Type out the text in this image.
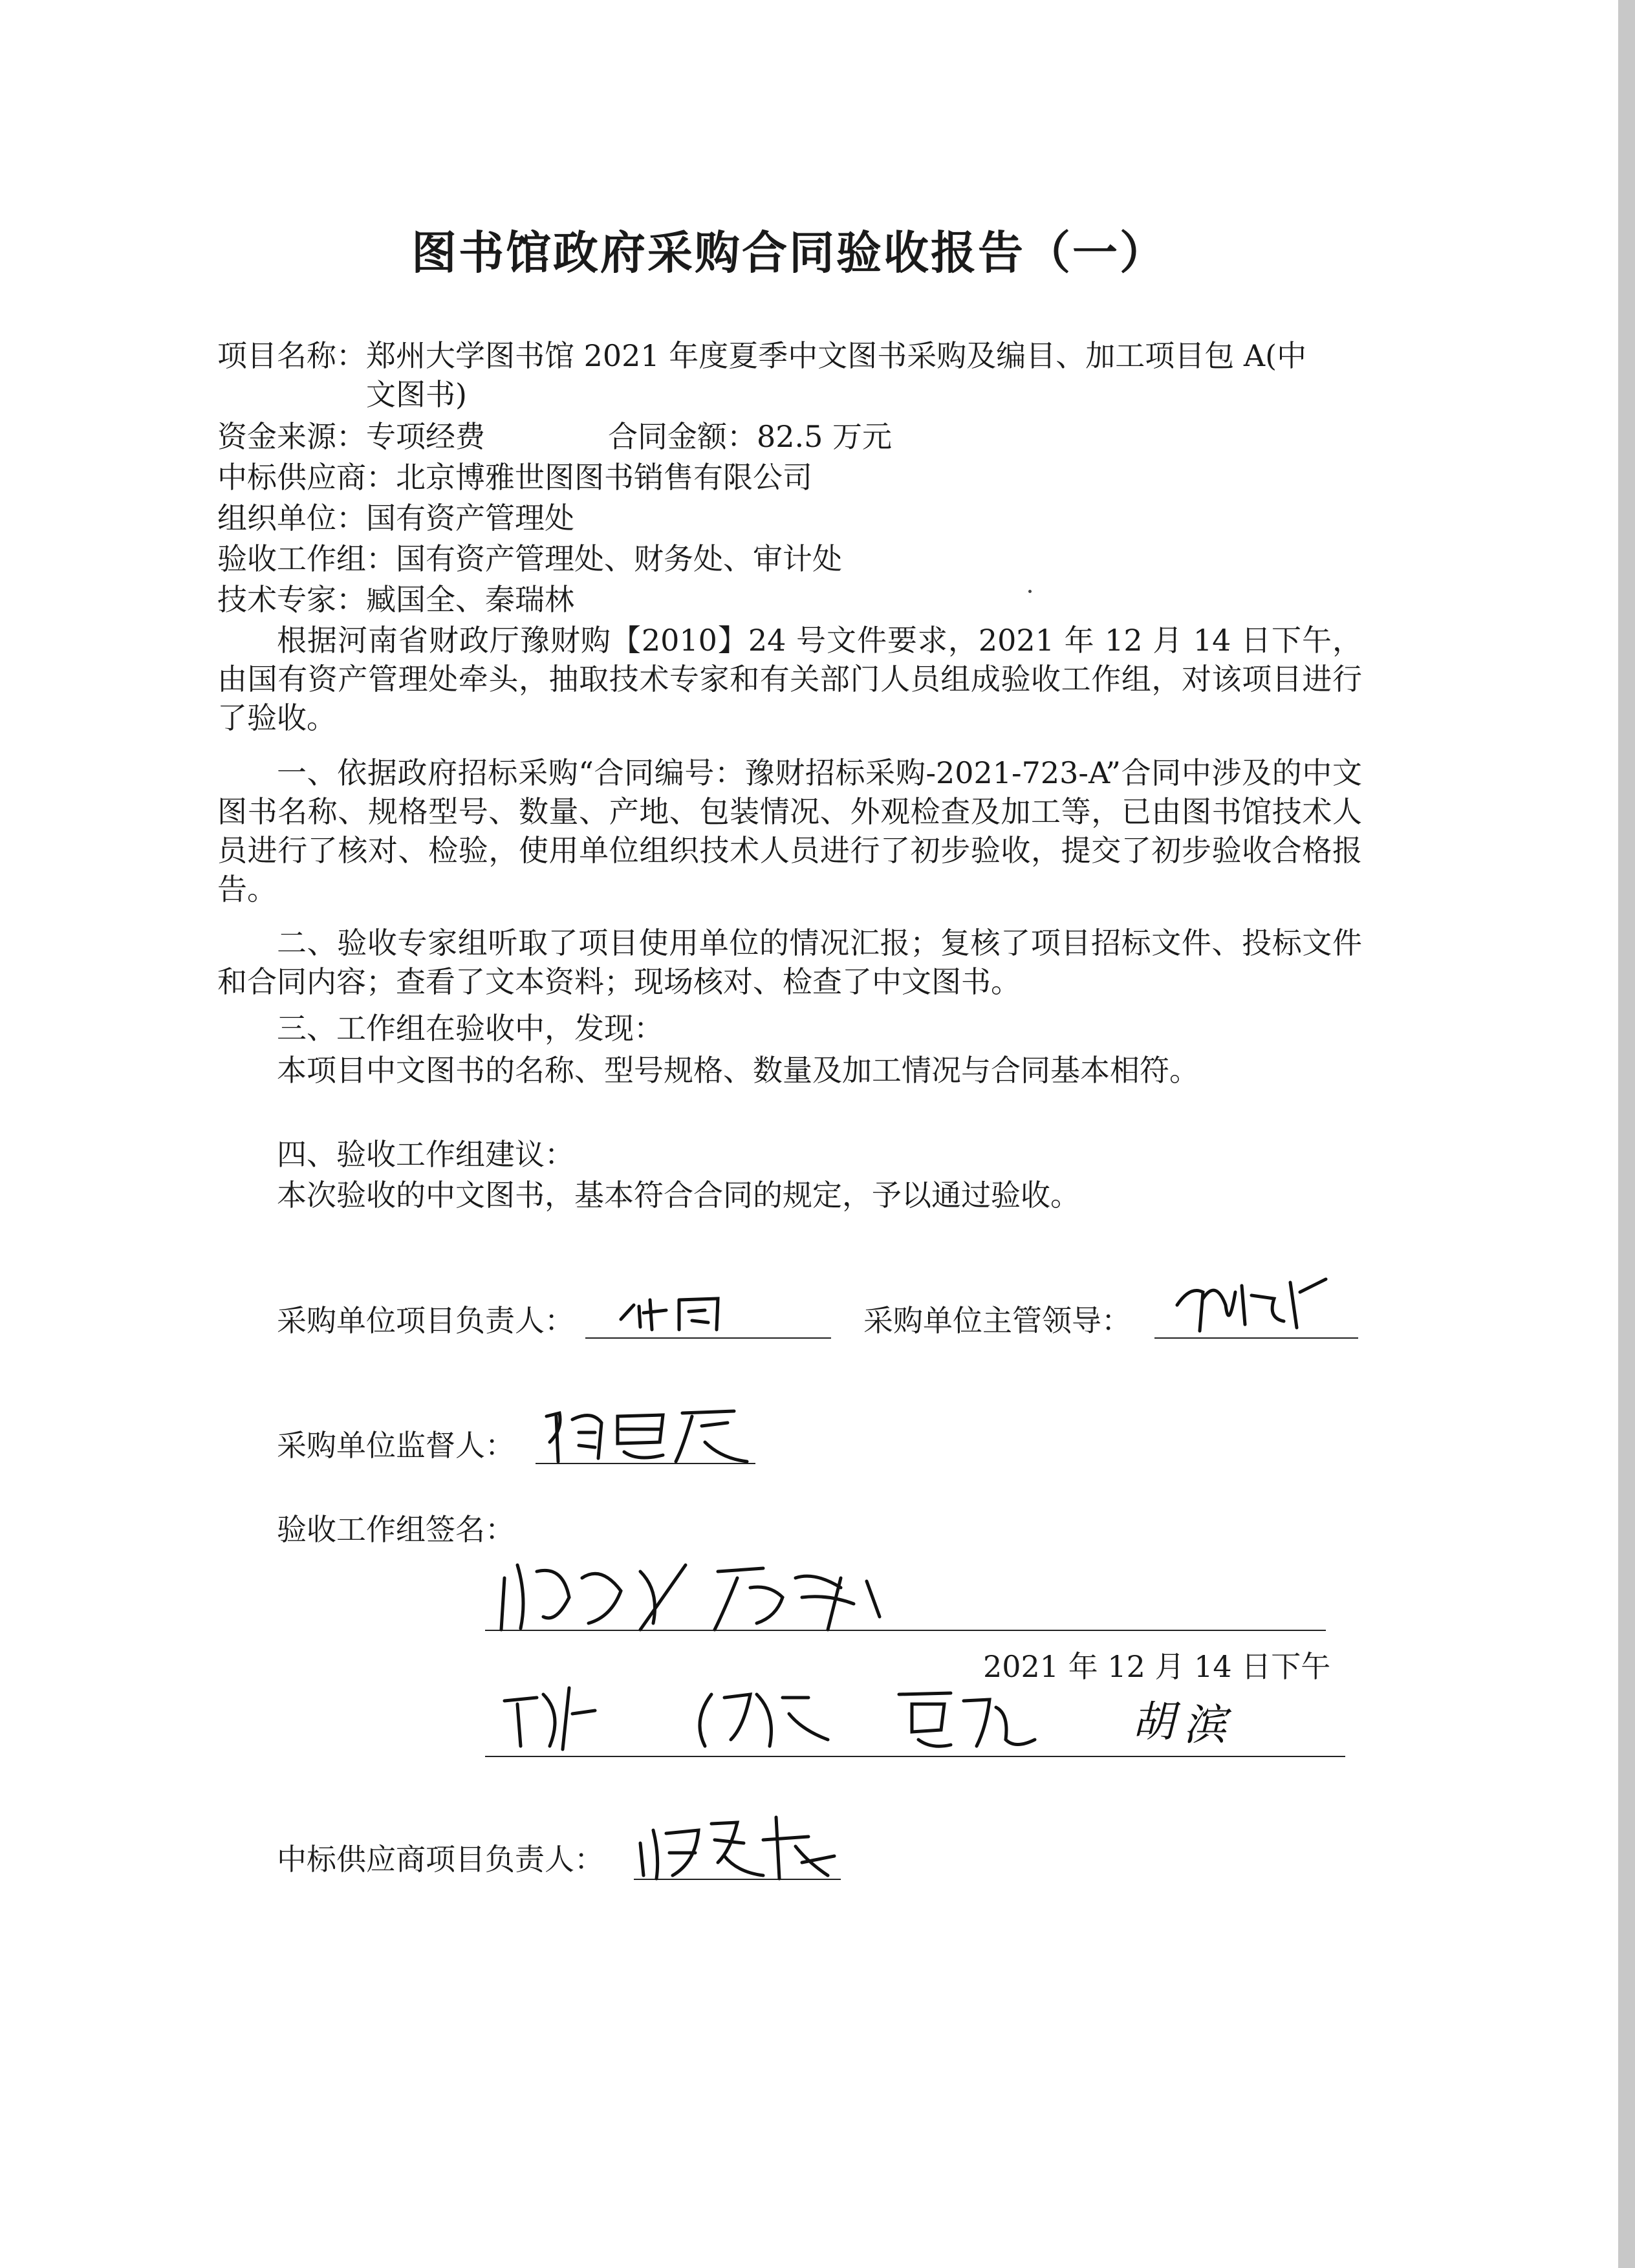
图书馆政府采购合同验收报告（一）
项目名称：郑州大学图书馆 2021 年度夏季中文图书采购及编目、加工项目包 A(中
文图书)
资金来源：专项经费	合同金额：82.5 万元
中标供应商：北京博雅世图图书销售有限公司
组织单位：国有资产管理处
验收工作组：国有资产管理处、财务处、审计处
技术专家：臧国全、秦瑞林
根据河南省财政厅豫财购【2010】24 号文件要求，2021 年 12 月 14 日下午，由国有资产管理处牵头，抽取技术专家和有关部门人员组成验收工作组，对该项目进行了验收。
一、依据政府招标采购“合同编号：豫财招标采购-2021-723-A”合同中涉及的中文图书名称、规格型号、数量、产地、包装情况、外观检查及加工等，已由图书馆技术人员进行了核对、检验，使用单位组织技术人员进行了初步验收，提交了初步验收合格报告。
二、验收专家组听取了项目使用单位的情况汇报；复核了项目招标文件、投标文件和合同内容；查看了文本资料；现场核对、检查了中文图书。
三、工作组在验收中，发现：
本项目中文图书的名称、型号规格、数量及加工情况与合同基本相符。
四、验收工作组建议：
本次验收的中文图书，基本符合合同的规定，予以通过验收。
采购单位项目负责人：	采购单位主管领导：
采购单位监督人：
验收工作组签名：
胡 滨
中标供应商项目负责人：
2021 年 12 月 14 日下午
